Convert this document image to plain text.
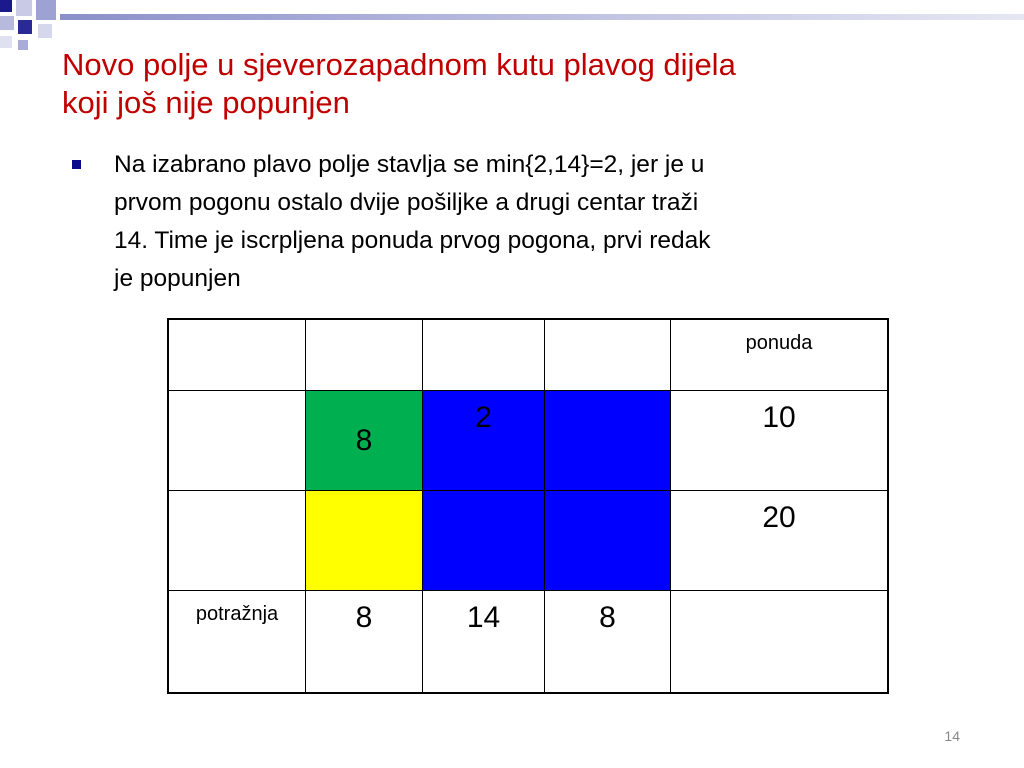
Novo polje u sjeverozapadnom kutu plavog dijela
koji još nije popunjen
Na izabrano plavo polje stavlja se min{2,14}=2, jer je u
prvom pogonu ostalo dvije pošiljke a drugi centar traži
14. Time je iscrpljena ponuda prvog pogona, prvi redak
je popunjen
				ponuda
	8	2		10
				20
potražnja	8	14	8	
14
